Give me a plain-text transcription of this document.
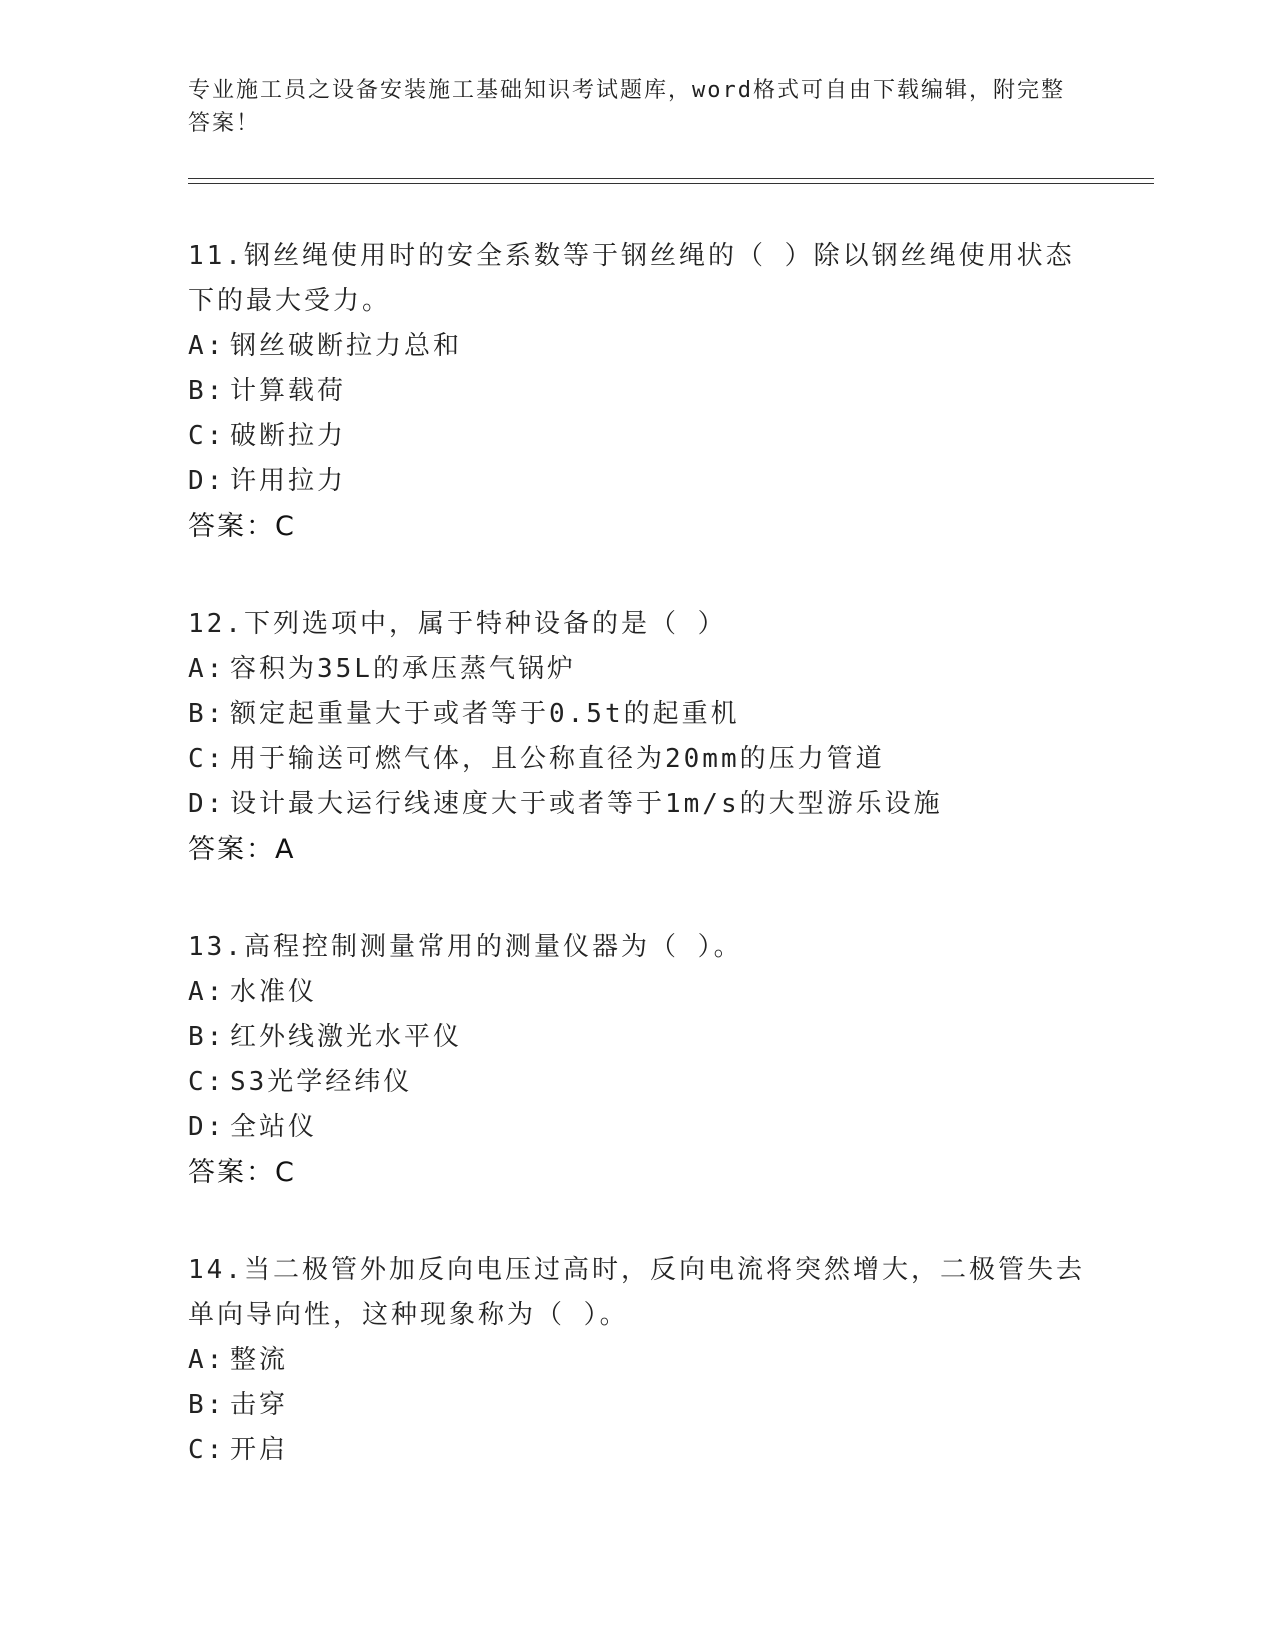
专业施工员之设备安装施工基础知识考试题库，word格式可自由下载编辑，附完整答案！

11.钢丝绳使用时的安全系数等于钢丝绳的（ ）除以钢丝绳使用状态下的最大受力。

A: 钢丝破断拉力总和
B: 计算载荷
C: 破断拉力
D: 许用拉力
答案：C

12.下列选项中，属于特种设备的是（ ）

A: 容积为35L的承压蒸气锅炉
B: 额定起重量大于或者等于0.5t的起重机
C: 用于输送可燃气体，且公称直径为20mm的压力管道
D: 设计最大运行线速度大于或者等于1m/s的大型游乐设施
答案：A

13.高程控制测量常用的测量仪器为（ ）。

A: 水准仪
B: 红外线激光水平仪
C: S3光学经纬仪
D: 全站仪
答案：C

14.当二极管外加反向电压过高时，反向电流将突然增大，二极管失去单向导向性，这种现象称为（ ）。

A: 整流
B: 击穿
C: 开启
